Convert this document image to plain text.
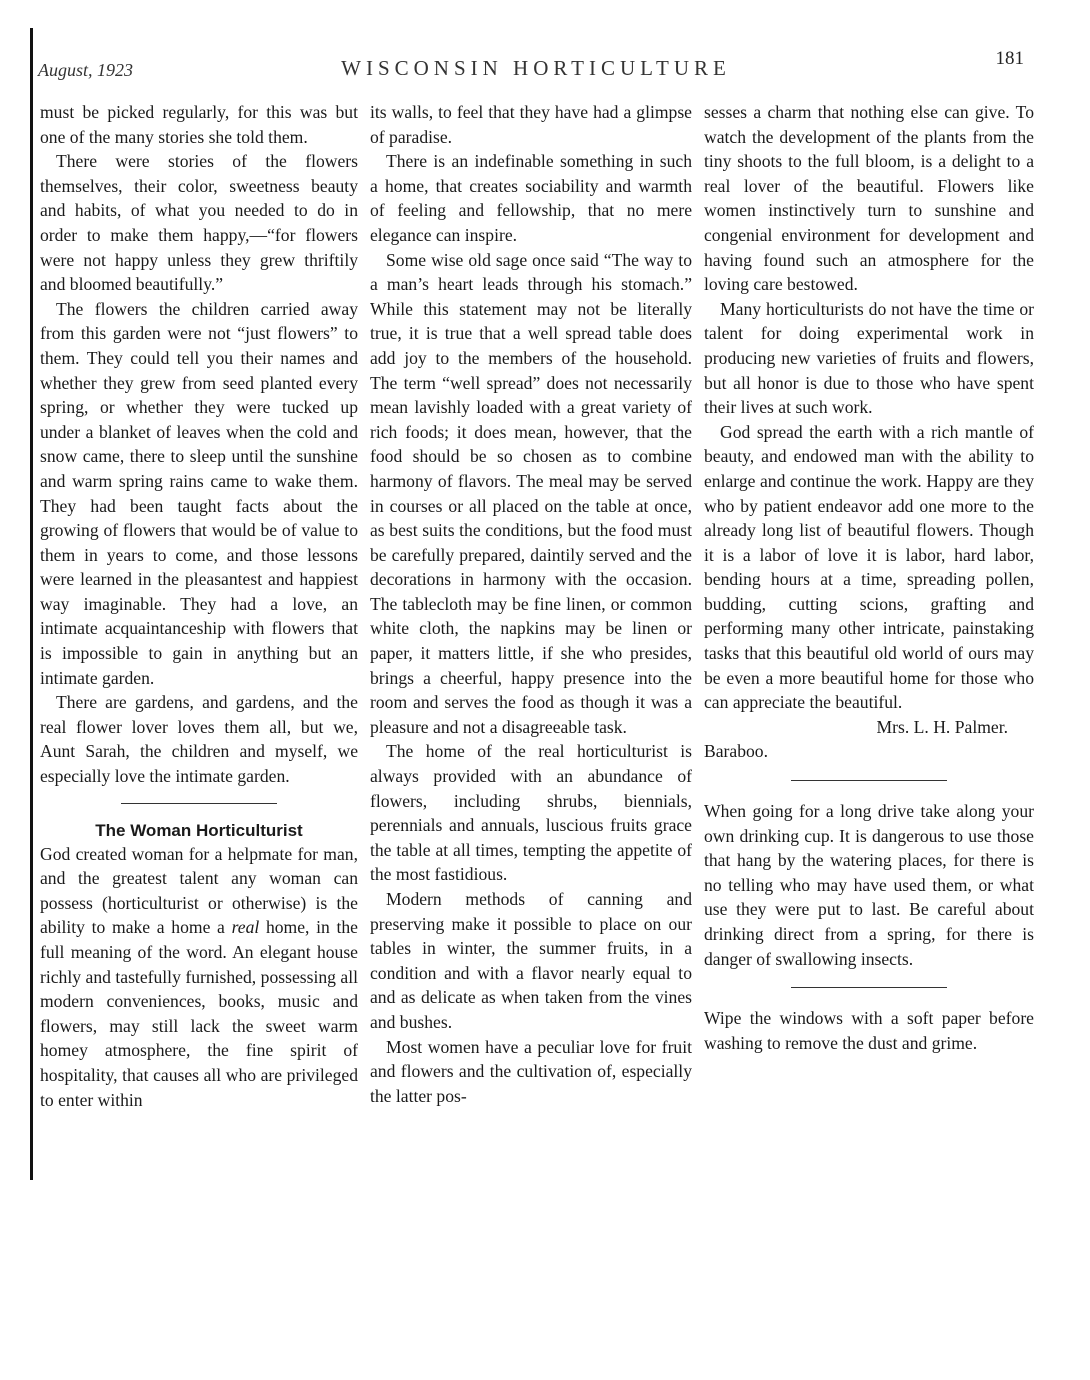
August, 1923	WISCONSIN HORTICULTURE	181

must be picked regularly, for this was but one of the many stories she told them.

There were stories of the flowers themselves, their color, sweetness beauty and habits, of what you needed to do in order to make them happy,—“for flowers were not happy unless they grew thriftily and bloomed beautifully.”

The flowers the children carried away from this garden were not “just flowers” to them. They could tell you their names and whether they grew from seed planted every spring, or whether they were tucked up under a blanket of leaves when the cold and snow came, there to sleep until the sunshine and warm spring rains came to wake them. They had been taught facts about the growing of flowers that would be of value to them in years to come, and those lessons were learned in the pleasantest and happiest way imaginable. They had a love, an intimate acquaintanceship with flowers that is impossible to gain in anything but an intimate garden.

There are gardens, and gardens, and the real flower lover loves them all, but we, Aunt Sarah, the children and myself, we especially love the intimate garden.

The Woman Horticulturist

God created woman for a helpmate for man, and the greatest talent any woman can possess (horticulturist or otherwise) is the ability to make a home a real home, in the full meaning of the word. An elegant house richly and tastefully furnished, possessing all modern conveniences, books, music and flowers, may still lack the sweet warm homey atmosphere, the fine spirit of hospitality, that causes all who are privileged to enter within

its walls, to feel that they have had a glimpse of paradise.

There is an indefinable something in such a home, that creates sociability and warmth of feeling and fellowship, that no mere elegance can inspire.

Some wise old sage once said “The way to a man’s heart leads through his stomach.” While this statement may not be literally true, it is true that a well spread table does add joy to the members of the household. The term “well spread” does not necessarily mean lavishly loaded with a great variety of rich foods; it does mean, however, that the food should be so chosen as to combine harmony of flavors. The meal may be served in courses or all placed on the table at once, as best suits the conditions, but the food must be carefully prepared, daintily served and the decorations in harmony with the occasion. The tablecloth may be fine linen, or common white cloth, the napkins may be linen or paper, it matters little, if she who presides, brings a cheerful, happy presence into the room and serves the food as though it was a pleasure and not a disagreeable task.

The home of the real horticulturist is always provided with an abundance of flowers, including shrubs, biennials, perennials and annuals, luscious fruits grace the table at all times, tempting the appetite of the most fastidious.

Modern methods of canning and preserving make it possible to place on our tables in winter, the summer fruits, in a condition and with a flavor nearly equal to and as delicate as when taken from the vines and bushes.

Most women have a peculiar love for fruit and flowers and the cultivation of, especially the latter pos-

sesses a charm that nothing else can give. To watch the development of the plants from the tiny shoots to the full bloom, is a delight to a real lover of the beautiful. Flowers like women instinctively turn to sunshine and congenial environment for development and having found such an atmosphere for the loving care bestowed.

Many horticulturists do not have the time or talent for doing experimental work in producing new varieties of fruits and flowers, but all honor is due to those who have spent their lives at such work.

God spread the earth with a rich mantle of beauty, and endowed man with the ability to enlarge and continue the work. Happy are they who by patient endeavor add one more to the already long list of beautiful flowers. Though it is a labor of love it is labor, hard labor, bending hours at a time, spreading pollen, budding, cutting scions, grafting and performing many other intricate, painstaking tasks that this beautiful old world of ours may be even a more beautiful home for those who can appreciate the beautiful.

Mrs. L. H. Palmer.

Baraboo.

When going for a long drive take along your own drinking cup. It is dangerous to use those that hang by the watering places, for there is no telling who may have used them, or what use they were put to last. Be careful about drinking direct from a spring, for there is danger of swallowing insects.

Wipe the windows with a soft paper before washing to remove the dust and grime.
